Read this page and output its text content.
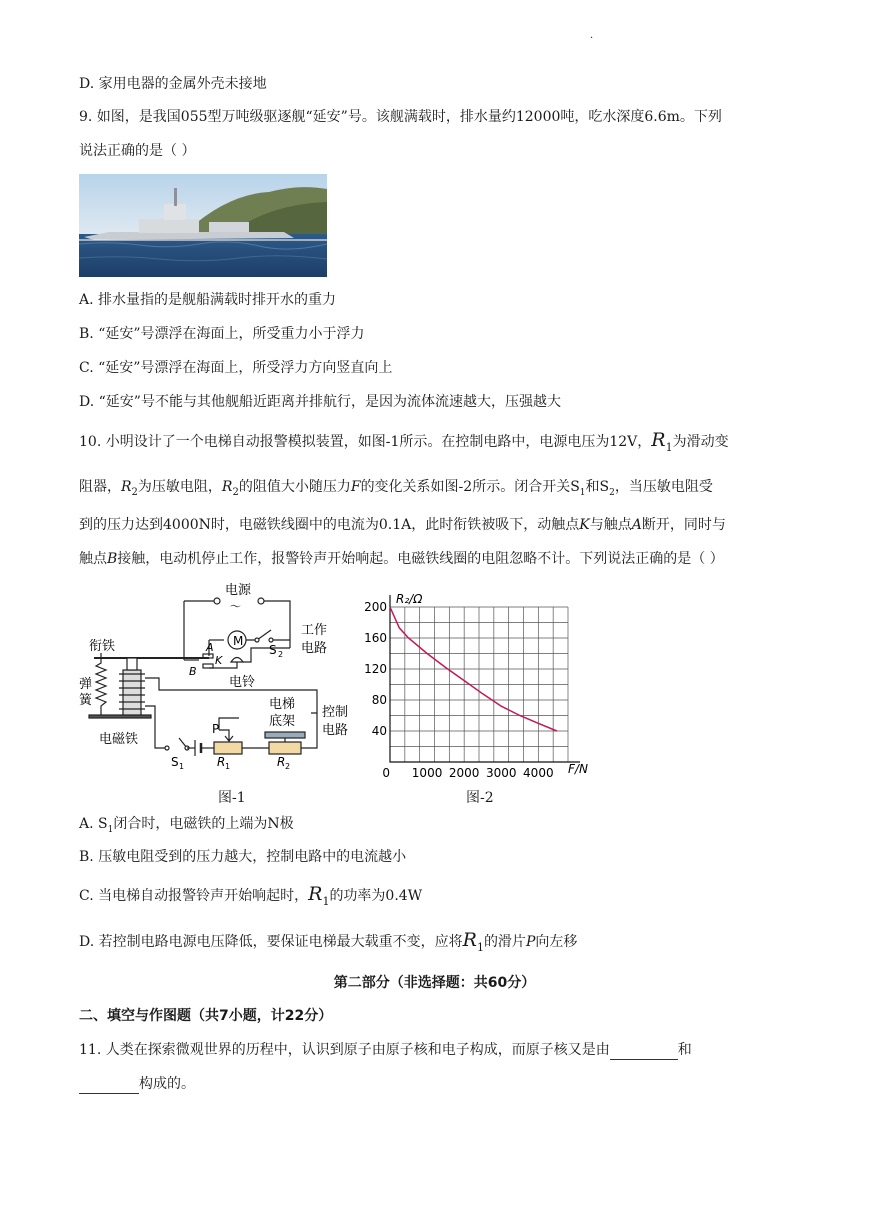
.
D. 家用电器的金属外壳未接地
9. 如图，是我国055型万吨级驱逐舰“延安”号。该舰满载时，排水量约12000吨，吃水深度6.6m。下列
说法正确的是（ ）
A. 排水量指的是舰船满载时排开水的重力
B. “延安”号漂浮在海面上，所受重力小于浮力
C. “延安”号漂浮在海面上，所受浮力方向竖直向上
D. “延安”号不能与其他舰船近距离并排航行，是因为流体流速越大，压强越大
10. 小明设计了一个电梯自动报警模拟装置，如图-1所示。在控制电路中，电源电压为12V，$R_1$为滑动变
阻器，$R_2$为压敏电阻，$R_2$的阻值大小随压力F的变化关系如图-2所示。闭合开关$S_1$和$S_2$，当压敏电阻受
到的压力达到4000N时，电磁铁线圈中的电流为0.1A，此时衔铁被吸下，动触点K与触点A断开，同时与
触点B接触，电动机停止工作，报警铃声开始响起。电磁铁线圈的电阻忽略不计。下列说法正确的是（ ）
电源
～
工作
电路
M
A
K
B
S 2
电铃
衔铁
弹
簧
电磁铁
S 1
P
R 1	R 2
电梯
底架
控制
电路
图-1
0 1000 2000 3000 4000
40
80
120
160
200
R₂/Ω
F/N
图-2
A. $S_1$闭合时，电磁铁的上端为N极
B. 压敏电阻受到的压力越大，控制电路中的电流越小
C. 当电梯自动报警铃声开始响起时，$R_1$的功率为0.4W
D. 若控制电路电源电压降低，要保证电梯最大载重不变，应将$R_1$的滑片P向左移
第二部分（非选择题：共60分）
二、填空与作图题（共7小题，计22分）
11. 人类在探索微观世界的历程中，认识到原子由原子核和电子构成，而原子核又是由	和
构成的。
